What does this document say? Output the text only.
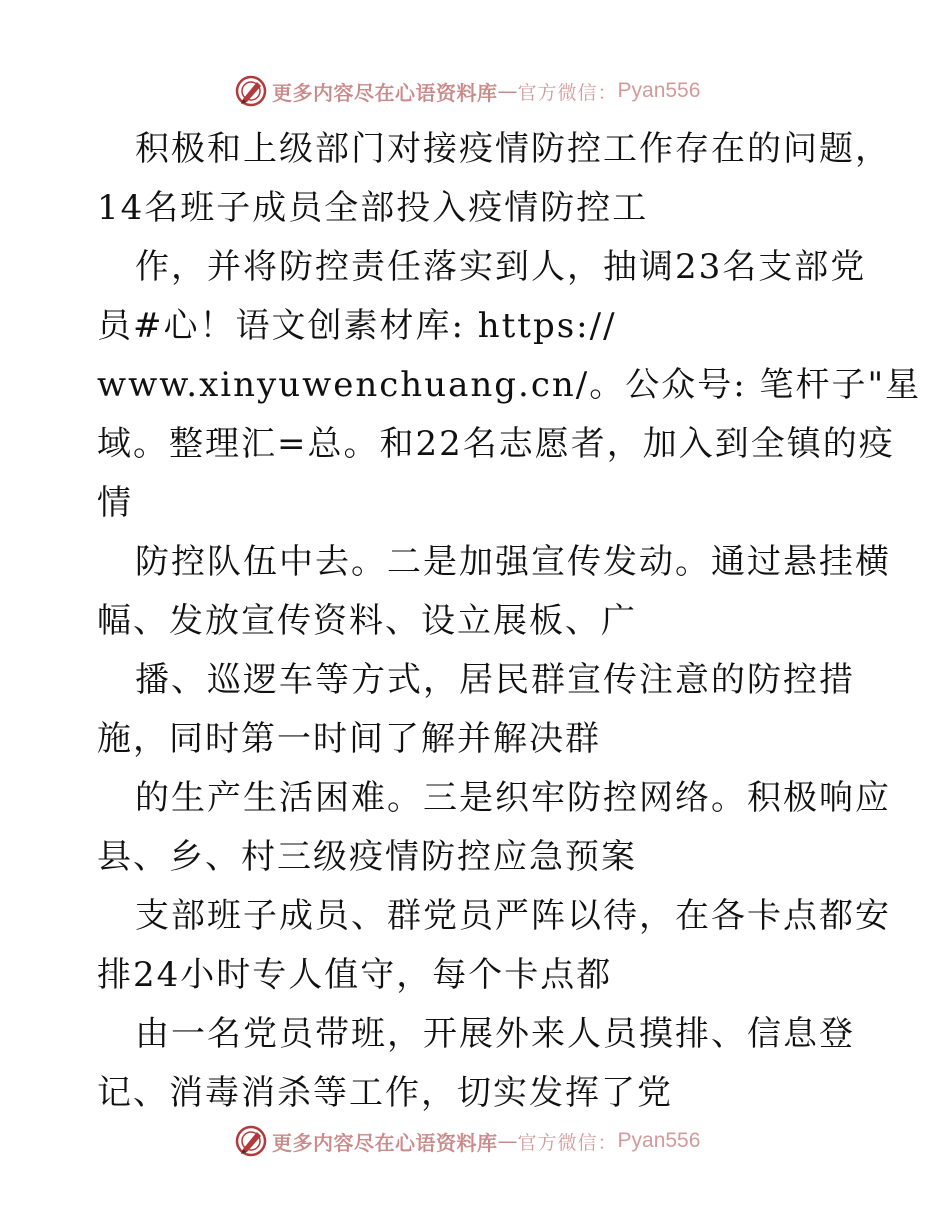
更多内容尽在心语资料库 — 官方微信： Pyan556
积极和上级部门对接疫情防控工作存在的问题，
14名班子成员全部投入疫情防控工
作，并将防控责任落实到人，抽调23名支部党
员#心！语文创素材库: https://
www.xinyuwenchuang.cn/。公众号: 笔杆子"星
域。整理汇=总。和22名志愿者，加入到全镇的疫
情
防控队伍中去。二是加强宣传发动。通过悬挂横
幅、发放宣传资料、设立展板、广
播、巡逻车等方式，居民群宣传注意的防控措
施，同时第一时间了解并解决群
的生产生活困难。三是织牢防控网络。积极响应
县、乡、村三级疫情防控应急预案
支部班子成员、群党员严阵以待，在各卡点都安
排24小时专人值守，每个卡点都
由一名党员带班，开展外来人员摸排、信息登
记、消毒消杀等工作，切实发挥了党
更多内容尽在心语资料库 — 官方微信： Pyan556
